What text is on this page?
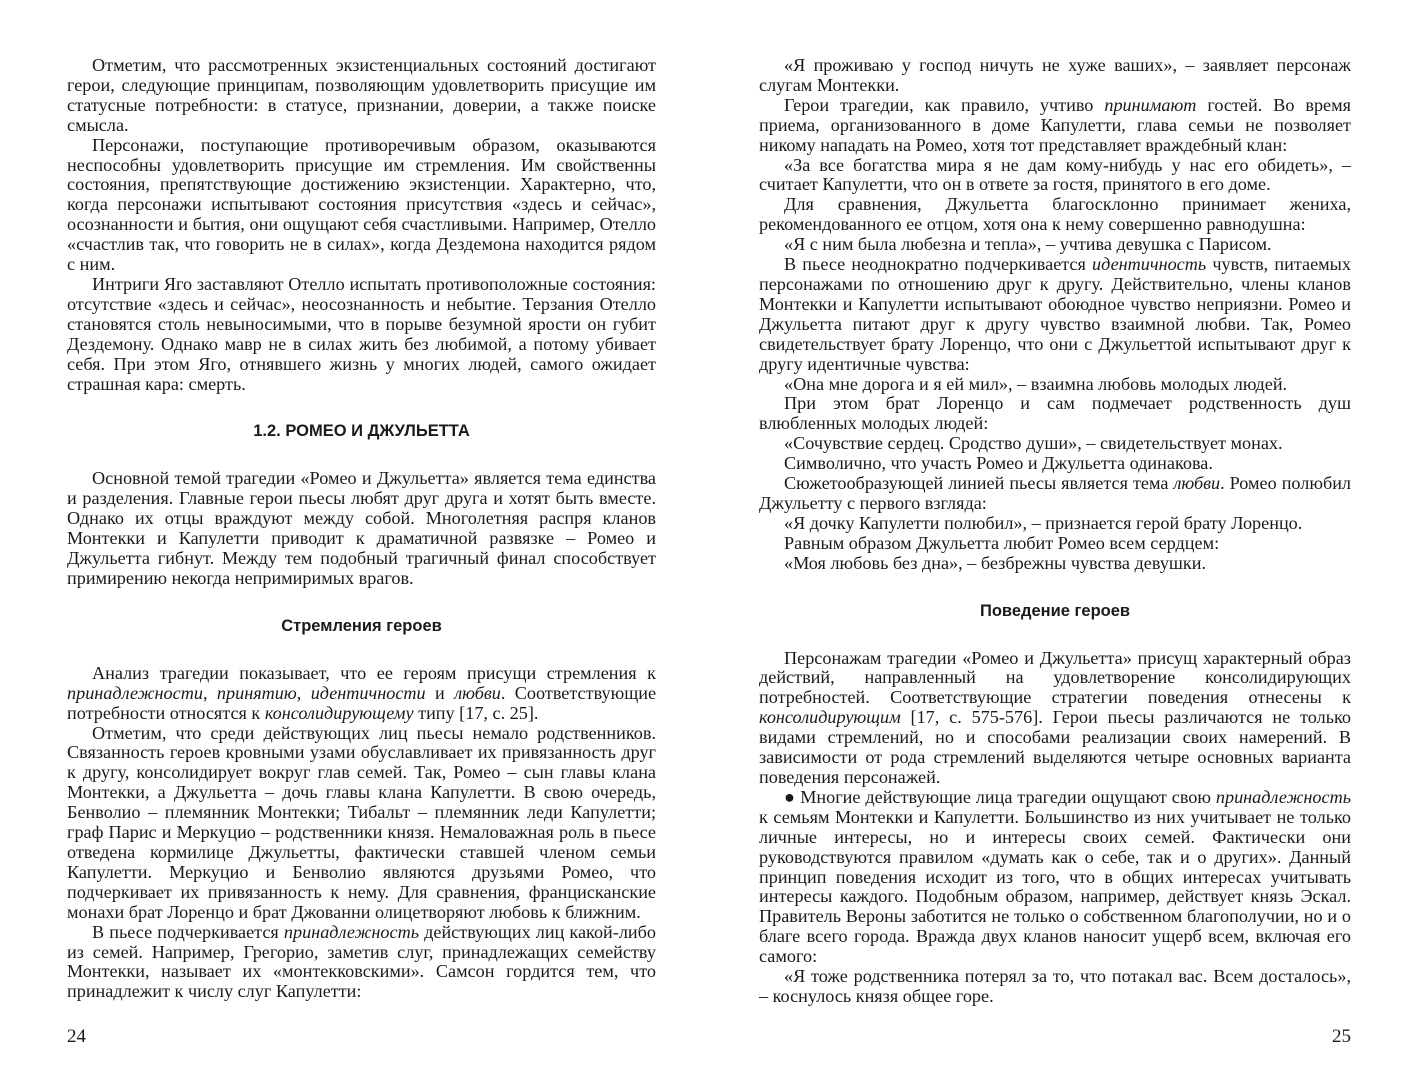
Отметим, что рассмотренных экзистенциальных состояний достигают герои, следующие принципам, позволяющим удовлетворить присущие им статусные потребности: в статусе, признании, доверии, а также поиске смысла.

Персонажи, поступающие противоречивым образом, оказываются неспособны удовлетворить присущие им стремления. Им свойственны состояния, препятствующие достижению экзистенции. Характерно, что, когда персонажи испытывают состояния присутствия «здесь и сейчас», осознанности и бытия, они ощущают себя счастливыми. Например, Отелло «счастлив так, что говорить не в силах», когда Дездемона находится рядом с ним.

Интриги Яго заставляют Отелло испытать противоположные состояния: отсутствие «здесь и сейчас», неосознанность и небытие. Терзания Отелло становятся столь невыносимыми, что в порыве безумной ярости он губит Дездемону. Однако мавр не в силах жить без любимой, а потому убивает себя. При этом Яго, отнявшего жизнь у многих людей, самого ожидает страшная кара: смерть.

1.2. РОМЕО И ДЖУЛЬЕТТА

Основной темой трагедии «Ромео и Джульетта» является тема единства и разделения. Главные герои пьесы любят друг друга и хотят быть вместе. Однако их отцы враждуют между собой. Многолетняя распря кланов Монтекки и Капулетти приводит к драматичной развязке – Ромео и Джульетта гибнут. Между тем подобный трагичный финал способствует примирению некогда непримиримых врагов.

Стремления героев

Анализ трагедии показывает, что ее героям присущи стремления к принадлежности, принятию, идентичности и любви. Соответствующие потребности относятся к консолидирующему типу [17, с. 25].

Отметим, что среди действующих лиц пьесы немало родственников. Связанность героев кровными узами обуславливает их привязанность друг к другу, консолидирует вокруг глав семей. Так, Ромео – сын главы клана Монтекки, а Джульетта – дочь главы клана Капулетти. В свою очередь, Бенволио – племянник Монтекки; Тибальт – племянник леди Капулетти; граф Парис и Меркуцио – родственники князя. Немаловажная роль в пьесе отведена кормилице Джульетты, фактически ставшей членом семьи Капулетти. Меркуцио и Бенволио являются друзьями Ромео, что подчеркивает их привязанность к нему. Для сравнения, францисканские монахи брат Лоренцо и брат Джованни олицетворяют любовь к ближним.

В пьесе подчеркивается принадлежность действующих лиц какой-либо из семей. Например, Грегорио, заметив слуг, принадлежащих семейству Монтекки, называет их «монтекковскими». Самсон гордится тем, что принадлежит к числу слуг Капулетти:

24

«Я проживаю у господ ничуть не хуже ваших», – заявляет персонаж слугам Монтекки.

Герои трагедии, как правило, учтиво принимают гостей. Во время приема, организованного в доме Капулетти, глава семьи не позволяет никому нападать на Ромео, хотя тот представляет враждебный клан:

«За все богатства мира я не дам кому-нибудь у нас его обидеть», – считает Капулетти, что он в ответе за гостя, принятого в его доме.

Для сравнения, Джульетта благосклонно принимает жениха, рекомендованного ее отцом, хотя она к нему совершенно равнодушна:

«Я с ним была любезна и тепла», – учтива девушка с Парисом.

В пьесе неоднократно подчеркивается идентичность чувств, питаемых персонажами по отношению друг к другу. Действительно, члены кланов Монтекки и Капулетти испытывают обоюдное чувство неприязни. Ромео и Джульетта питают друг к другу чувство взаимной любви. Так, Ромео свидетельствует брату Лоренцо, что они с Джульеттой испытывают друг к другу идентичные чувства:

«Она мне дорога и я ей мил», – взаимна любовь молодых людей.

При этом брат Лоренцо и сам подмечает родственность душ влюбленных молодых людей:

«Сочувствие сердец. Сродство души», – свидетельствует монах.

Символично, что участь Ромео и Джульетта одинакова.

Сюжетообразующей линией пьесы является тема любви. Ромео полюбил Джульетту с первого взгляда:

«Я дочку Капулетти полюбил», – признается герой брату Лоренцо.

Равным образом Джульетта любит Ромео всем сердцем:

«Моя любовь без дна», – безбрежны чувства девушки.

Поведение героев

Персонажам трагедии «Ромео и Джульетта» присущ характерный образ действий, направленный на удовлетворение консолидирующих потребностей. Соответствующие стратегии поведения отнесены к консолидирующим [17, с. 575-576]. Герои пьесы различаются не только видами стремлений, но и способами реализации своих намерений. В зависимости от рода стремлений выделяются четыре основных варианта поведения персонажей.

● Многие действующие лица трагедии ощущают свою принадлежность к семьям Монтекки и Капулетти. Большинство из них учитывает не только личные интересы, но и интересы своих семей. Фактически они руководствуются правилом «думать как о себе, так и о других». Данный принцип поведения исходит из того, что в общих интересах учитывать интересы каждого. Подобным образом, например, действует князь Эскал. Правитель Вероны заботится не только о собственном благополучии, но и о благе всего города. Вражда двух кланов наносит ущерб всем, включая его самого:

«Я тоже родственника потерял за то, что потакал вас. Всем досталось», – коснулось князя общее горе.

25
